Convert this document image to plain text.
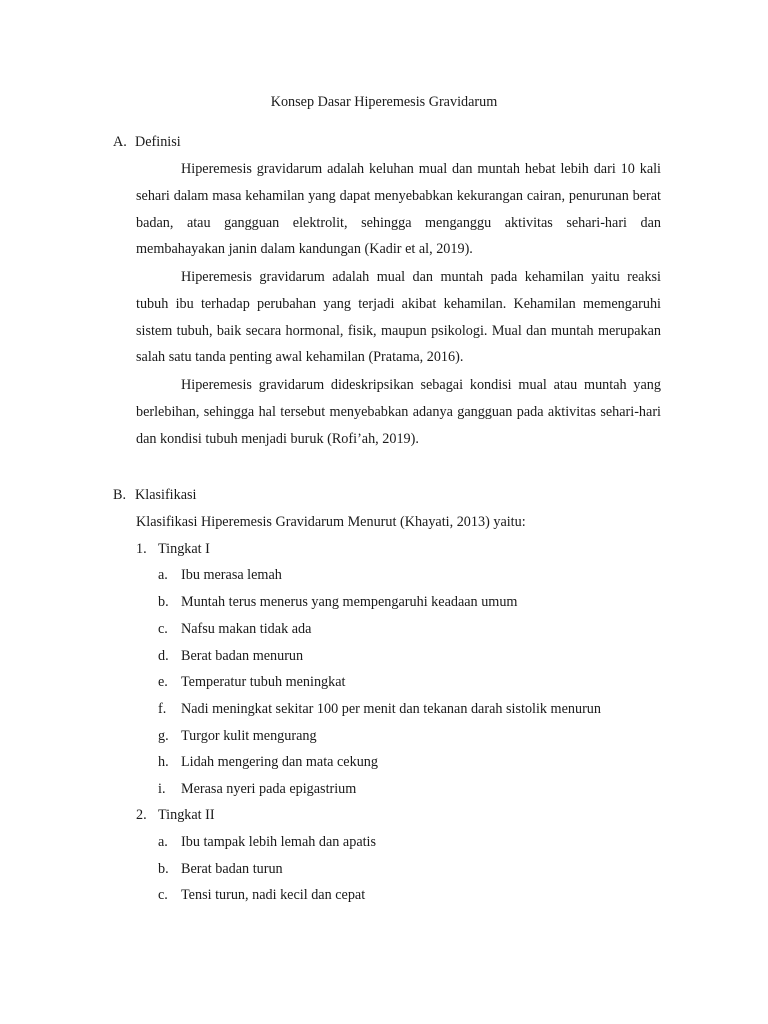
Konsep Dasar Hiperemesis Gravidarum
A. Definisi
Hiperemesis gravidarum adalah keluhan mual dan muntah hebat lebih dari 10 kali sehari dalam masa kehamilan yang dapat menyebabkan kekurangan cairan, penurunan berat badan, atau gangguan elektrolit, sehingga menganggu aktivitas sehari-hari dan membahayakan janin dalam kandungan (Kadir et al, 2019).
Hiperemesis gravidarum adalah mual dan muntah pada kehamilan yaitu reaksi tubuh ibu terhadap perubahan yang terjadi akibat kehamilan. Kehamilan memengaruhi sistem tubuh, baik secara hormonal, fisik, maupun psikologi. Mual dan muntah merupakan salah satu tanda penting awal kehamilan (Pratama, 2016).
Hiperemesis gravidarum dideskripsikan sebagai kondisi mual atau muntah yang berlebihan, sehingga hal tersebut menyebabkan adanya gangguan pada aktivitas sehari-hari dan kondisi tubuh menjadi buruk (Rofi’ah, 2019).
B. Klasifikasi
Klasifikasi Hiperemesis Gravidarum Menurut (Khayati, 2013) yaitu:
1. Tingkat I
a. Ibu merasa lemah
b. Muntah terus menerus yang mempengaruhi keadaan umum
c. Nafsu makan tidak ada
d. Berat badan menurun
e. Temperatur tubuh meningkat
f. Nadi meningkat sekitar 100 per menit dan tekanan darah sistolik menurun
g. Turgor kulit mengurang
h. Lidah mengering dan mata cekung
i. Merasa nyeri pada epigastrium
2. Tingkat II
a. Ibu tampak lebih lemah dan apatis
b. Berat badan turun
c. Tensi turun, nadi kecil dan cepat
